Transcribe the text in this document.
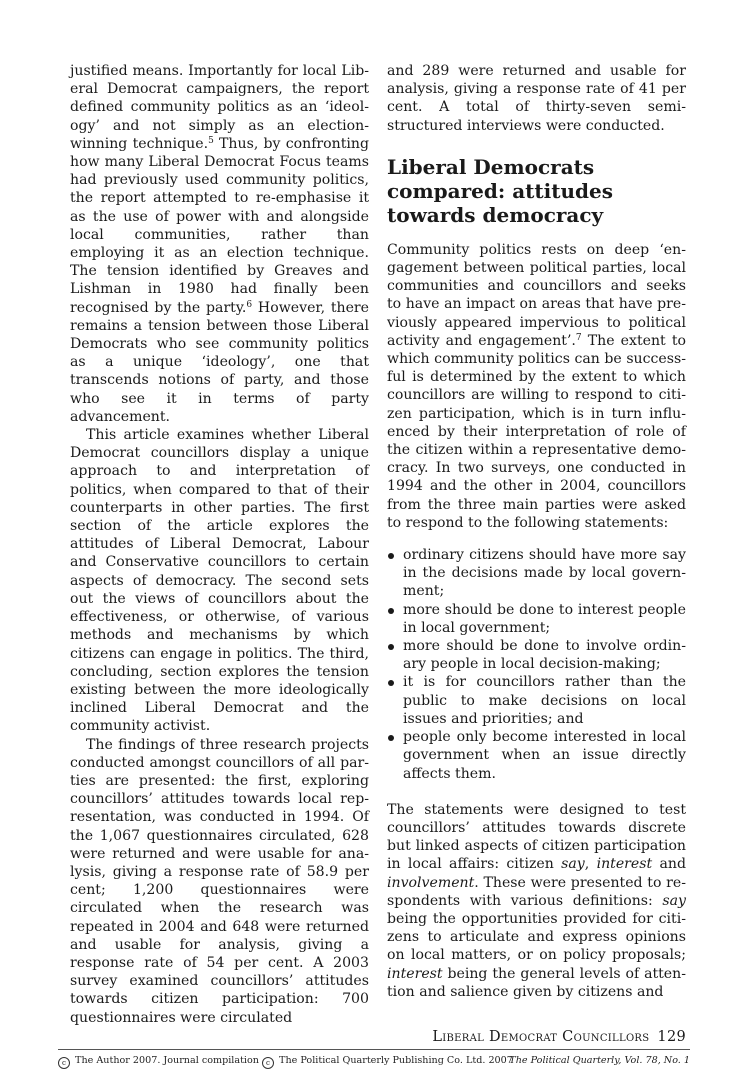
justified means. Importantly for local Liberal Democrat campaigners, the report defined community politics as an ‘ideology’ and not simply as an electionwinning technique.$^5$ Thus, by confronting how many Liberal Democrat Focus teams had previously used community politics, the report attempted to re-emphasise it as the use of power with and alongside local communities, rather than employing it as an election technique. The tension identified by Greaves and Lishman in 1980 had finally been recognised by the party.$^6$ However, there remains a tension between those Liberal Democrats who see community politics as a unique ‘ideology’, one that transcends notions of party, and those who see it in terms of party advancement.

This article examines whether Liberal Democrat councillors display a unique approach to and interpretation of politics, when compared to that of their counterparts in other parties. The first section of the article explores the attitudes of Liberal Democrat, Labour and Conservative councillors to certain aspects of democracy. The second sets out the views of councillors about the effectiveness, or otherwise, of various methods and mechanisms by which citizens can engage in politics. The third, concluding, section explores the tension existing between the more ideologically inclined Liberal Democrat and the community activist.

The findings of three research projects conducted amongst councillors of all parties are presented: the first, exploring councillors’ attitudes towards local representation, was conducted in 1994. Of the 1,067 questionnaires circulated, 628 were returned and were usable for analysis, giving a response rate of 58.9 per cent; 1,200 questionnaires were circulated when the research was repeated in 2004 and 648 were returned and usable for analysis, giving a response rate of 54 per cent. A 2003 survey examined councillors’ attitudes towards citizen participation: 700 questionnaires were circulated

and 289 were returned and usable for analysis, giving a response rate of 41 per cent. A total of thirty-seven semistructured interviews were conducted.

Liberal Democrats compared: attitudes towards democracy

Community politics rests on deep ‘engagement between political parties, local communities and councillors and seeks to have an impact on areas that have previously appeared impervious to political activity and engagement’.$^7$ The extent to which community politics can be successful is determined by the extent to which councillors are willing to respond to citizen participation, which is in turn influenced by their interpretation of role of the citizen within a representative democracy. In two surveys, one conducted in 1994 and the other in 2004, councillors from the three main parties were asked to respond to the following statements:

ordinary citizens should have more say in the decisions made by local government;
more should be done to interest people in local government;
more should be done to involve ordinary people in local decision-making;
it is for councillors rather than the public to make decisions on local issues and priorities; and
people only become interested in local government when an issue directly affects them.

The statements were designed to test councillors’ attitudes towards discrete but linked aspects of citizen participation in local affairs: citizen say, interest and involvement. These were presented to respondents with various definitions: say being the opportunities provided for citizens to articulate and express opinions on local matters, or on policy proposals; interest being the general levels of attention and salience given by citizens and

Liberal Democrat Councillors 129
c The Author 2007. Journal compilation c The Political Quarterly Publishing Co. Ltd. 2007
The Political Quarterly, Vol. 78, No. 1
